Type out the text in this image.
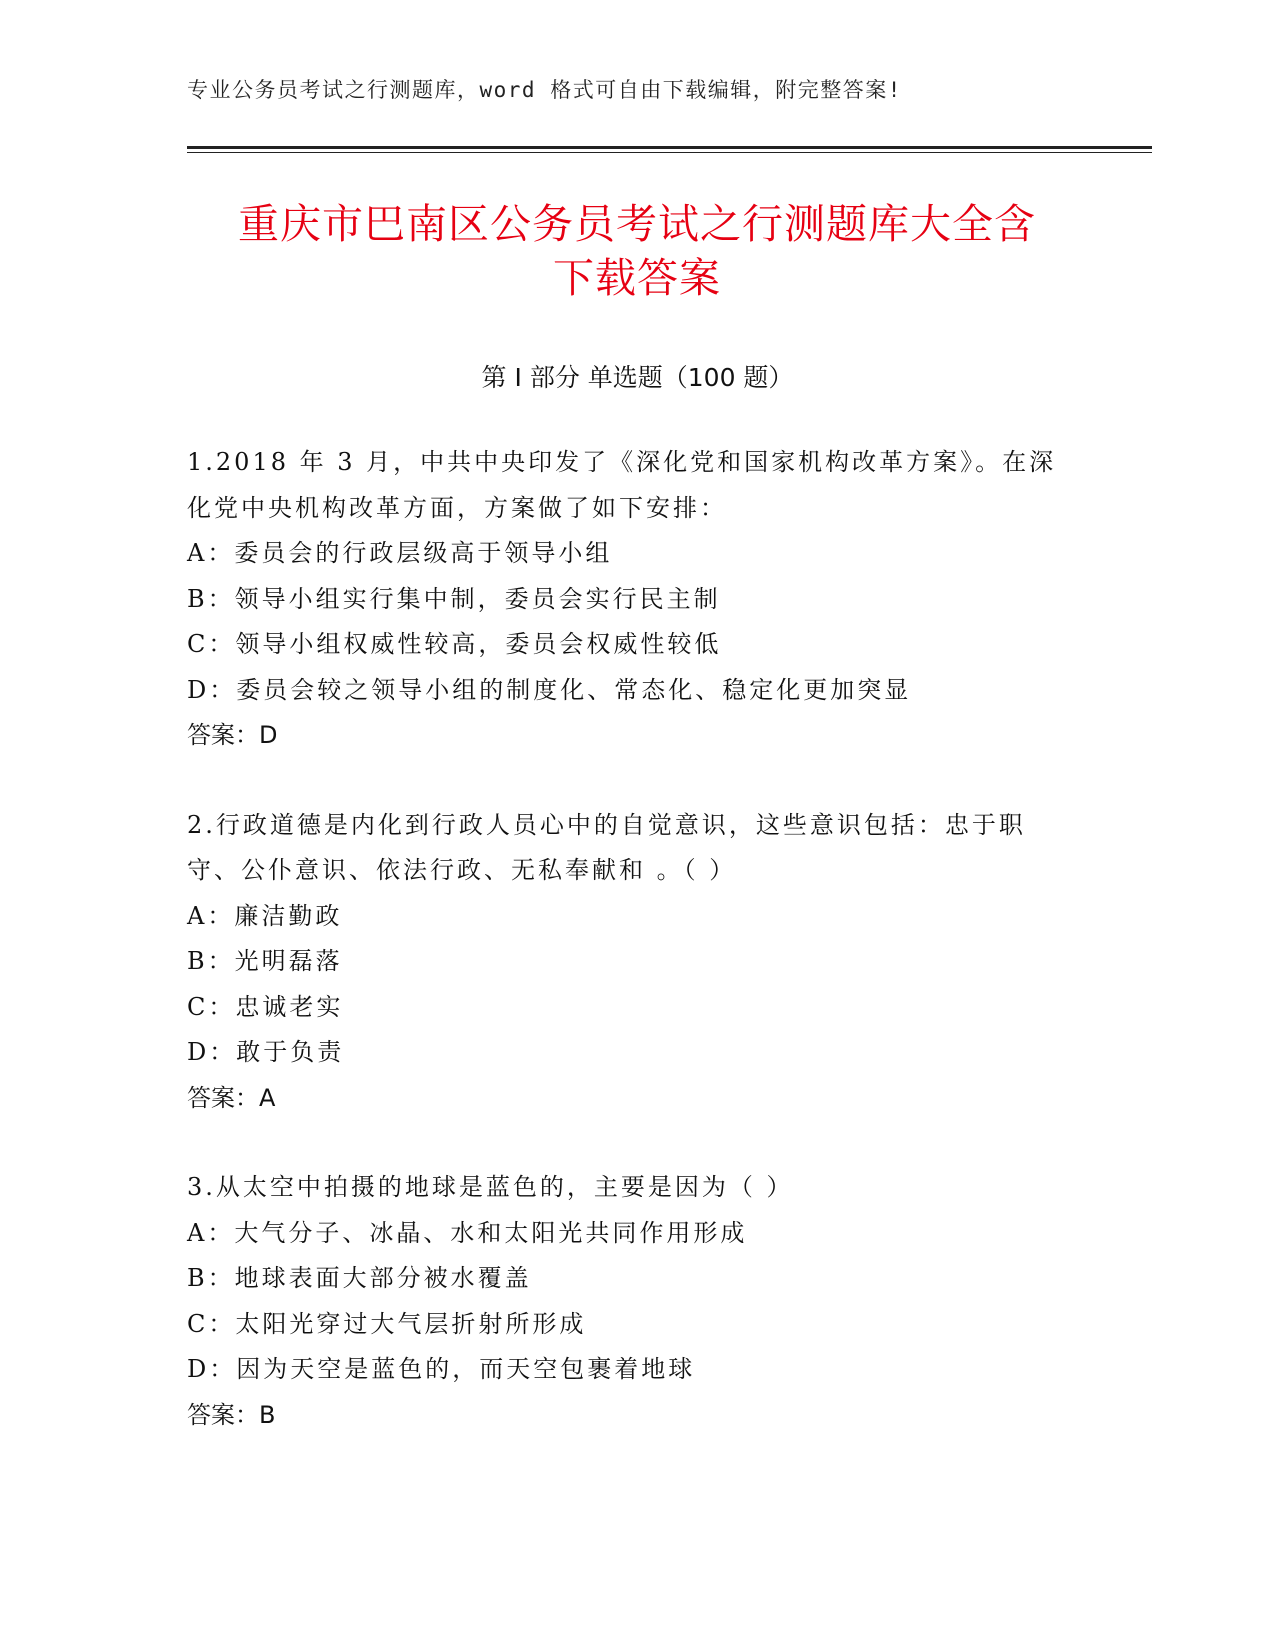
专业公务员考试之行测题库，word 格式可自由下载编辑，附完整答案!
重庆市巴南区公务员考试之行测题库大全含
下载答案
第 I 部分 单选题（100 题）

1.2018 年 3 月，中共中央印发了《深化党和国家机构改革方案》。在深化党中央机构改革方面，方案做了如下安排：

A：委员会的行政层级高于领导小组

B：领导小组实行集中制，委员会实行民主制

C：领导小组权威性较高，委员会权威性较低

D：委员会较之领导小组的制度化、常态化、稳定化更加突显

答案：D

2.行政道德是内化到行政人员心中的自觉意识，这些意识包括：忠于职守、公仆意识、依法行政、无私奉献和 。（ ）

A：廉洁勤政

B：光明磊落

C：忠诚老实

D：敢于负责

答案：A

3.从太空中拍摄的地球是蓝色的，主要是因为（ ）

A：大气分子、冰晶、水和太阳光共同作用形成

B：地球表面大部分被水覆盖

C：太阳光穿过大气层折射所形成

D：因为天空是蓝色的，而天空包裹着地球

答案：B
